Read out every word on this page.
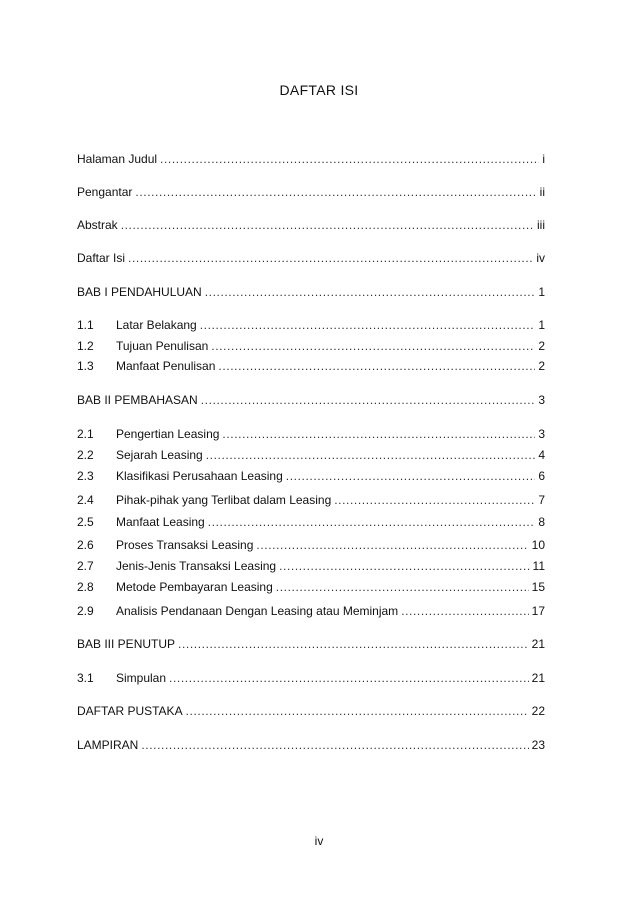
DAFTAR ISI
Halaman Judul .....	i
Pengantar .....	ii
Abstrak .....	iii
Daftar Isi .....	iv
BAB I PENDAHULUAN .....	1
1.1	Latar Belakang .....	1
1.2	Tujuan Penulisan .....	2
1.3	Manfaat Penulisan .....	2
BAB II PEMBAHASAN .....	3
2.1	Pengertian Leasing .....	3
2.2	Sejarah Leasing .....	4
2.3	Klasifikasi Perusahaan Leasing .....	6
2.4	Pihak-pihak yang Terlibat dalam Leasing .....	7
2.5	Manfaat Leasing .....	8
2.6	Proses Transaksi Leasing .....	10
2.7	Jenis-Jenis Transaksi Leasing .....	11
2.8	Metode Pembayaran Leasing .....	15
2.9	Analisis Pendanaan Dengan Leasing atau Meminjam .....	17
BAB III PENUTUP .....	21
3.1	Simpulan .....	21
DAFTAR PUSTAKA .....	22
LAMPIRAN .....	23
iv
